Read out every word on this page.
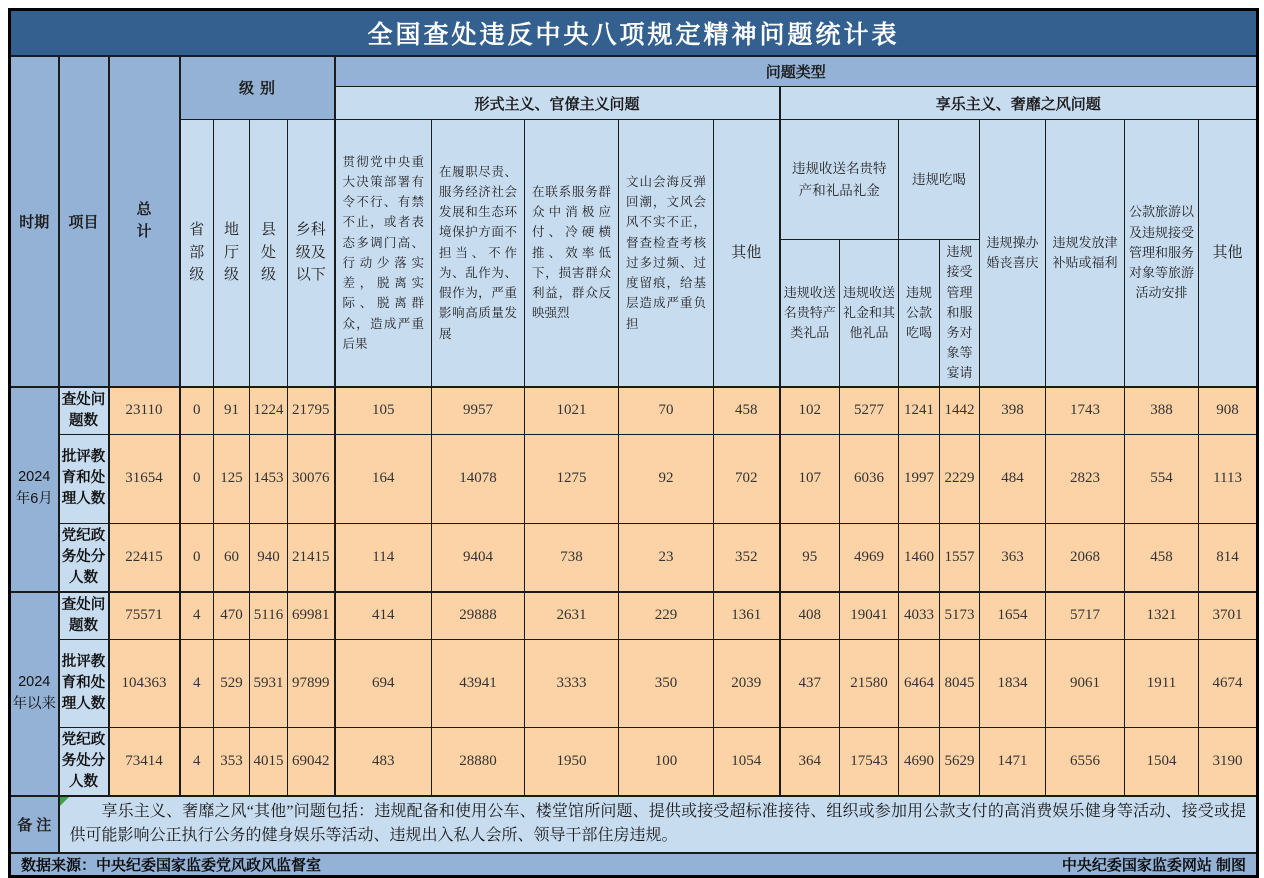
全国查处违反中央八项规定精神问题统计表																			
时期	项目	总计	级别				问题类型												
							形式主义、官僚主义问题					享乐主义、奢靡之风问题							
			省部级	地厅级	县处级	乡科级及以下	贯彻党中央重大决策部署有令不行、有禁不止，或者表态多调门高、行动少落实差，脱离实际、脱离群众，造成严重后果	在履职尽责、服务经济社会发展和生态环境保护方面不担当、不作为、乱作为、假作为，严重影响高质量发展	在联系服务群众中消极应付、冷硬横推、效率低下，损害群众利益，群众反映强烈	文山会海反弹回潮，文风会风不实不正，督查检查考核过多过频、过度留痕，给基层造成严重负担	其他	违规收送名贵特产和礼品礼金		违规吃喝		违规操办婚丧喜庆	违规发放津补贴或福利	公款旅游以及违规接受管理和服务对象等旅游活动安排	其他
												违规收送名贵特产类礼品	违规收送礼金和其他礼品	违规公款吃喝	违规接受管理和服务对象等宴请				
2024年6月	查处问题数	23110	0	91	1224	21795	105	9957	1021	70	458	102	5277	1241	1442	398	1743	388	908
	批评教育和处理人数	31654	0	125	1453	30076	164	14078	1275	92	702	107	6036	1997	2229	484	2823	554	1113
	党纪政务处分人数	22415	0	60	940	21415	114	9404	738	23	352	95	4969	1460	1557	363	2068	458	814
2024年以来	查处问题数	75571	4	470	5116	69981	414	29888	2631	229	1361	408	19041	4033	5173	1654	5717	1321	3701
	批评教育和处理人数	104363	4	529	5931	97899	694	43941	3333	350	2039	437	21580	6464	8045	1834	9061	1911	4674
	党纪政务处分人数	73414	4	353	4015	69042	483	28880	1950	100	1054	364	17543	4690	5629	1471	6556	1504	3190
备注	享乐主义、奢靡之风“其他”问题包括：违规配备和使用公车、楼堂馆所问题、提供或接受超标准接待、组织或参加用公款支付的高消费娱乐健身等活动、接受或提供可能影响公正执行公务的健身娱乐等活动、违规出入私人会所、领导干部住房违规。																		

数据来源：中央纪委国家监委党风政风监督室 中央纪委国家监委网站 制图																			
